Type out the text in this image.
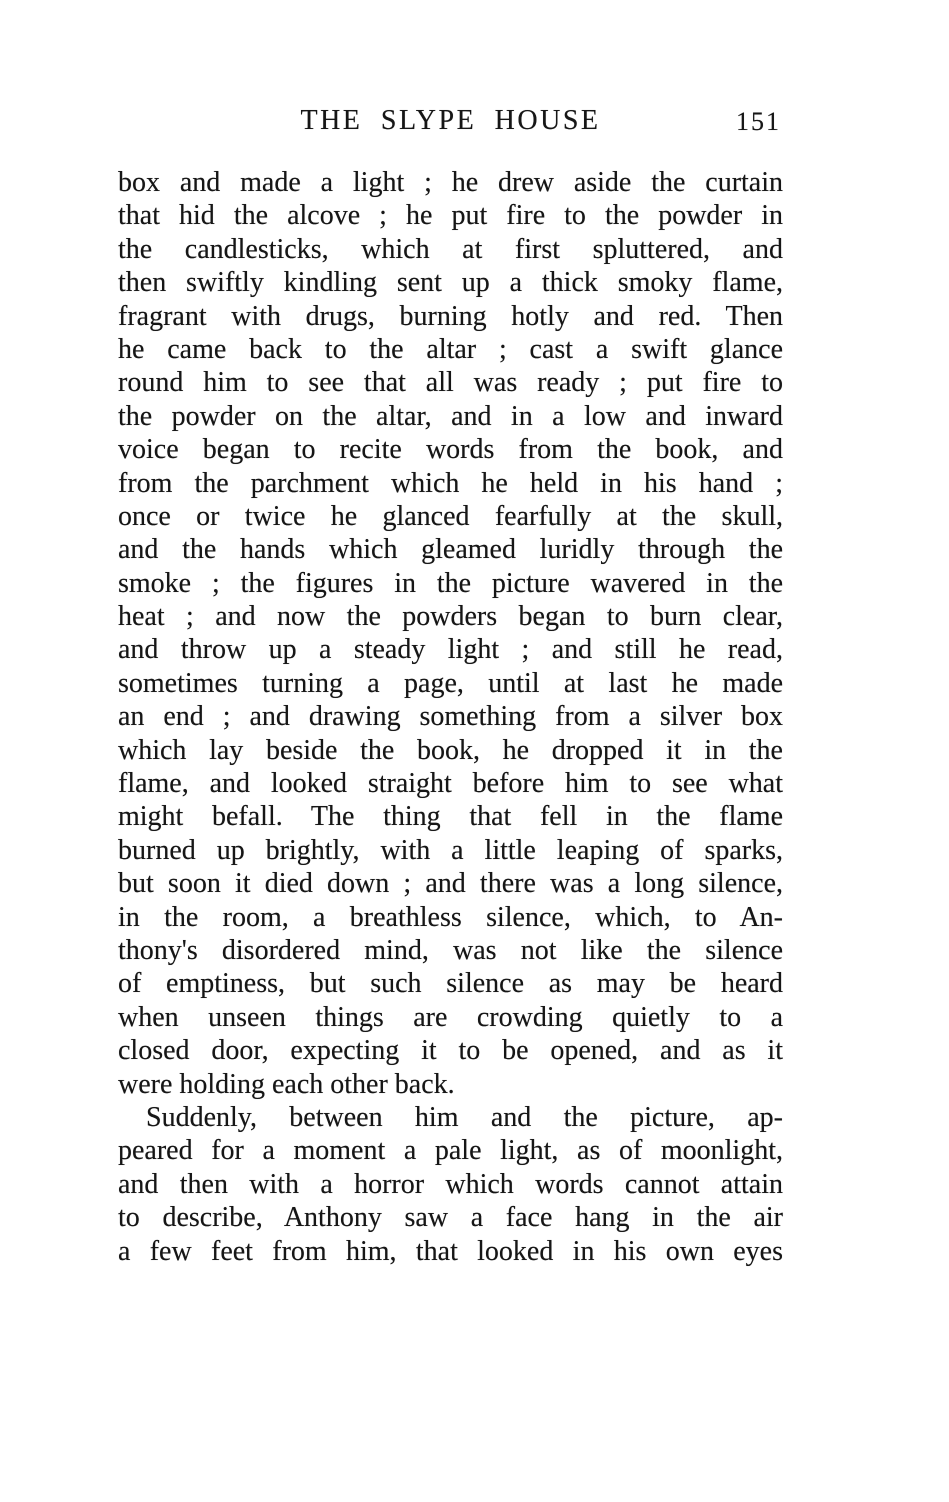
THE SLYPE HOUSE	151
box and made a light ; he drew aside the curtain
that hid the alcove ; he put fire to the powder in
the candlesticks, which at first spluttered, and
then swiftly kindling sent up a thick smoky flame,
fragrant with drugs, burning hotly and red. Then
he came back to the altar ; cast a swift glance
round him to see that all was ready ; put fire to
the powder on the altar, and in a low and inward
voice began to recite words from the book, and
from the parchment which he held in his hand ;
once or twice he glanced fearfully at the skull,
and the hands which gleamed luridly through the
smoke ; the figures in the picture wavered in the
heat ; and now the powders began to burn clear,
and throw up a steady light ; and still he read,
sometimes turning a page, until at last he made
an end ; and drawing something from a silver box
which lay beside the book, he dropped it in the
flame, and looked straight before him to see what
might befall. The thing that fell in the flame
burned up brightly, with a little leaping of sparks,
but soon it died down ; and there was a long silence,
in the room, a breathless silence, which, to An-
thony's disordered mind, was not like the silence
of emptiness, but such silence as may be heard
when unseen things are crowding quietly to a
closed door, expecting it to be opened, and as it
were holding each other back.
Suddenly, between him and the picture, ap-
peared for a moment a pale light, as of moonlight,
and then with a horror which words cannot attain
to describe, Anthony saw a face hang in the air
a few feet from him, that looked in his own eyes
